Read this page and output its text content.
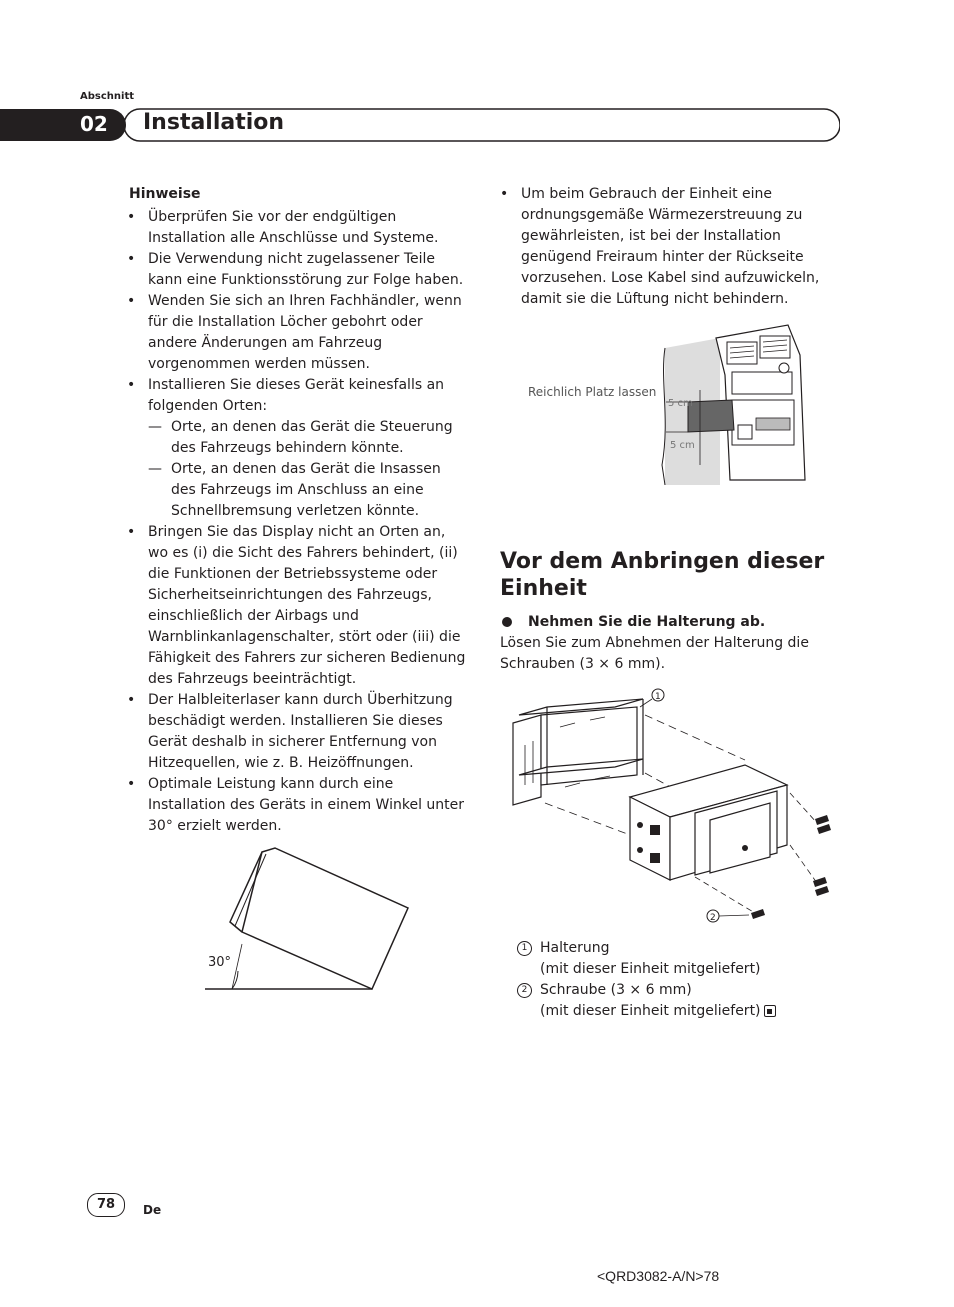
Abschnitt
02 Installation
Hinweise
• Überprüfen Sie vor der endgültigen Installation alle Anschlüsse und Systeme.
• Die Verwendung nicht zugelassener Teile kann eine Funktionsstörung zur Folge haben.
• Wenden Sie sich an Ihren Fachhändler, wenn für die Installation Löcher gebohrt oder andere Änderungen am Fahrzeug vorgenommen werden müssen.
• Installieren Sie dieses Gerät keinesfalls an folgenden Orten:
— Orte, an denen das Gerät die Steuerung des Fahrzeugs behindern könnte.
— Orte, an denen das Gerät die Insassen des Fahrzeugs im Anschluss an eine Schnellbremsung verletzen könnte.
• Bringen Sie das Display nicht an Orten an, wo es (i) die Sicht des Fahrers behindert, (ii) die Funktionen der Betriebssysteme oder Sicherheitseinrichtungen des Fahrzeugs, einschließlich der Airbags und Warnblinkanlagenschalter, stört oder (iii) die Fähigkeit des Fahrers zur sicheren Bedienung des Fahrzeugs beeinträchtigt.
• Der Halbleiterlaser kann durch Überhitzung beschädigt werden. Installieren Sie dieses Gerät deshalb in sicherer Entfernung von Hitzequellen, wie z. B. Heizöffnungen.
• Optimale Leistung kann durch eine Installation des Geräts in einem Winkel unter 30° erzielt werden.
30°
• Um beim Gebrauch der Einheit eine ordnungsgemäße Wärmezerstreuung zu gewährleisten, ist bei der Installation genügend Freiraum hinter der Rückseite vorzusehen. Lose Kabel sind aufzuwickeln, damit sie die Lüftung nicht behindern.
Reichlich Platz lassen
5 cm
5 cm
Vor dem Anbringen dieser Einheit
Nehmen Sie die Halterung ab.
Lösen Sie zum Abnehmen der Halterung die Schrauben (3 × 6 mm).
1
2
1 Halterung
(mit dieser Einheit mitgeliefert)
2 Schraube (3 × 6 mm)
(mit dieser Einheit mitgeliefert)
78	De
<QRD3082-A/N>78
